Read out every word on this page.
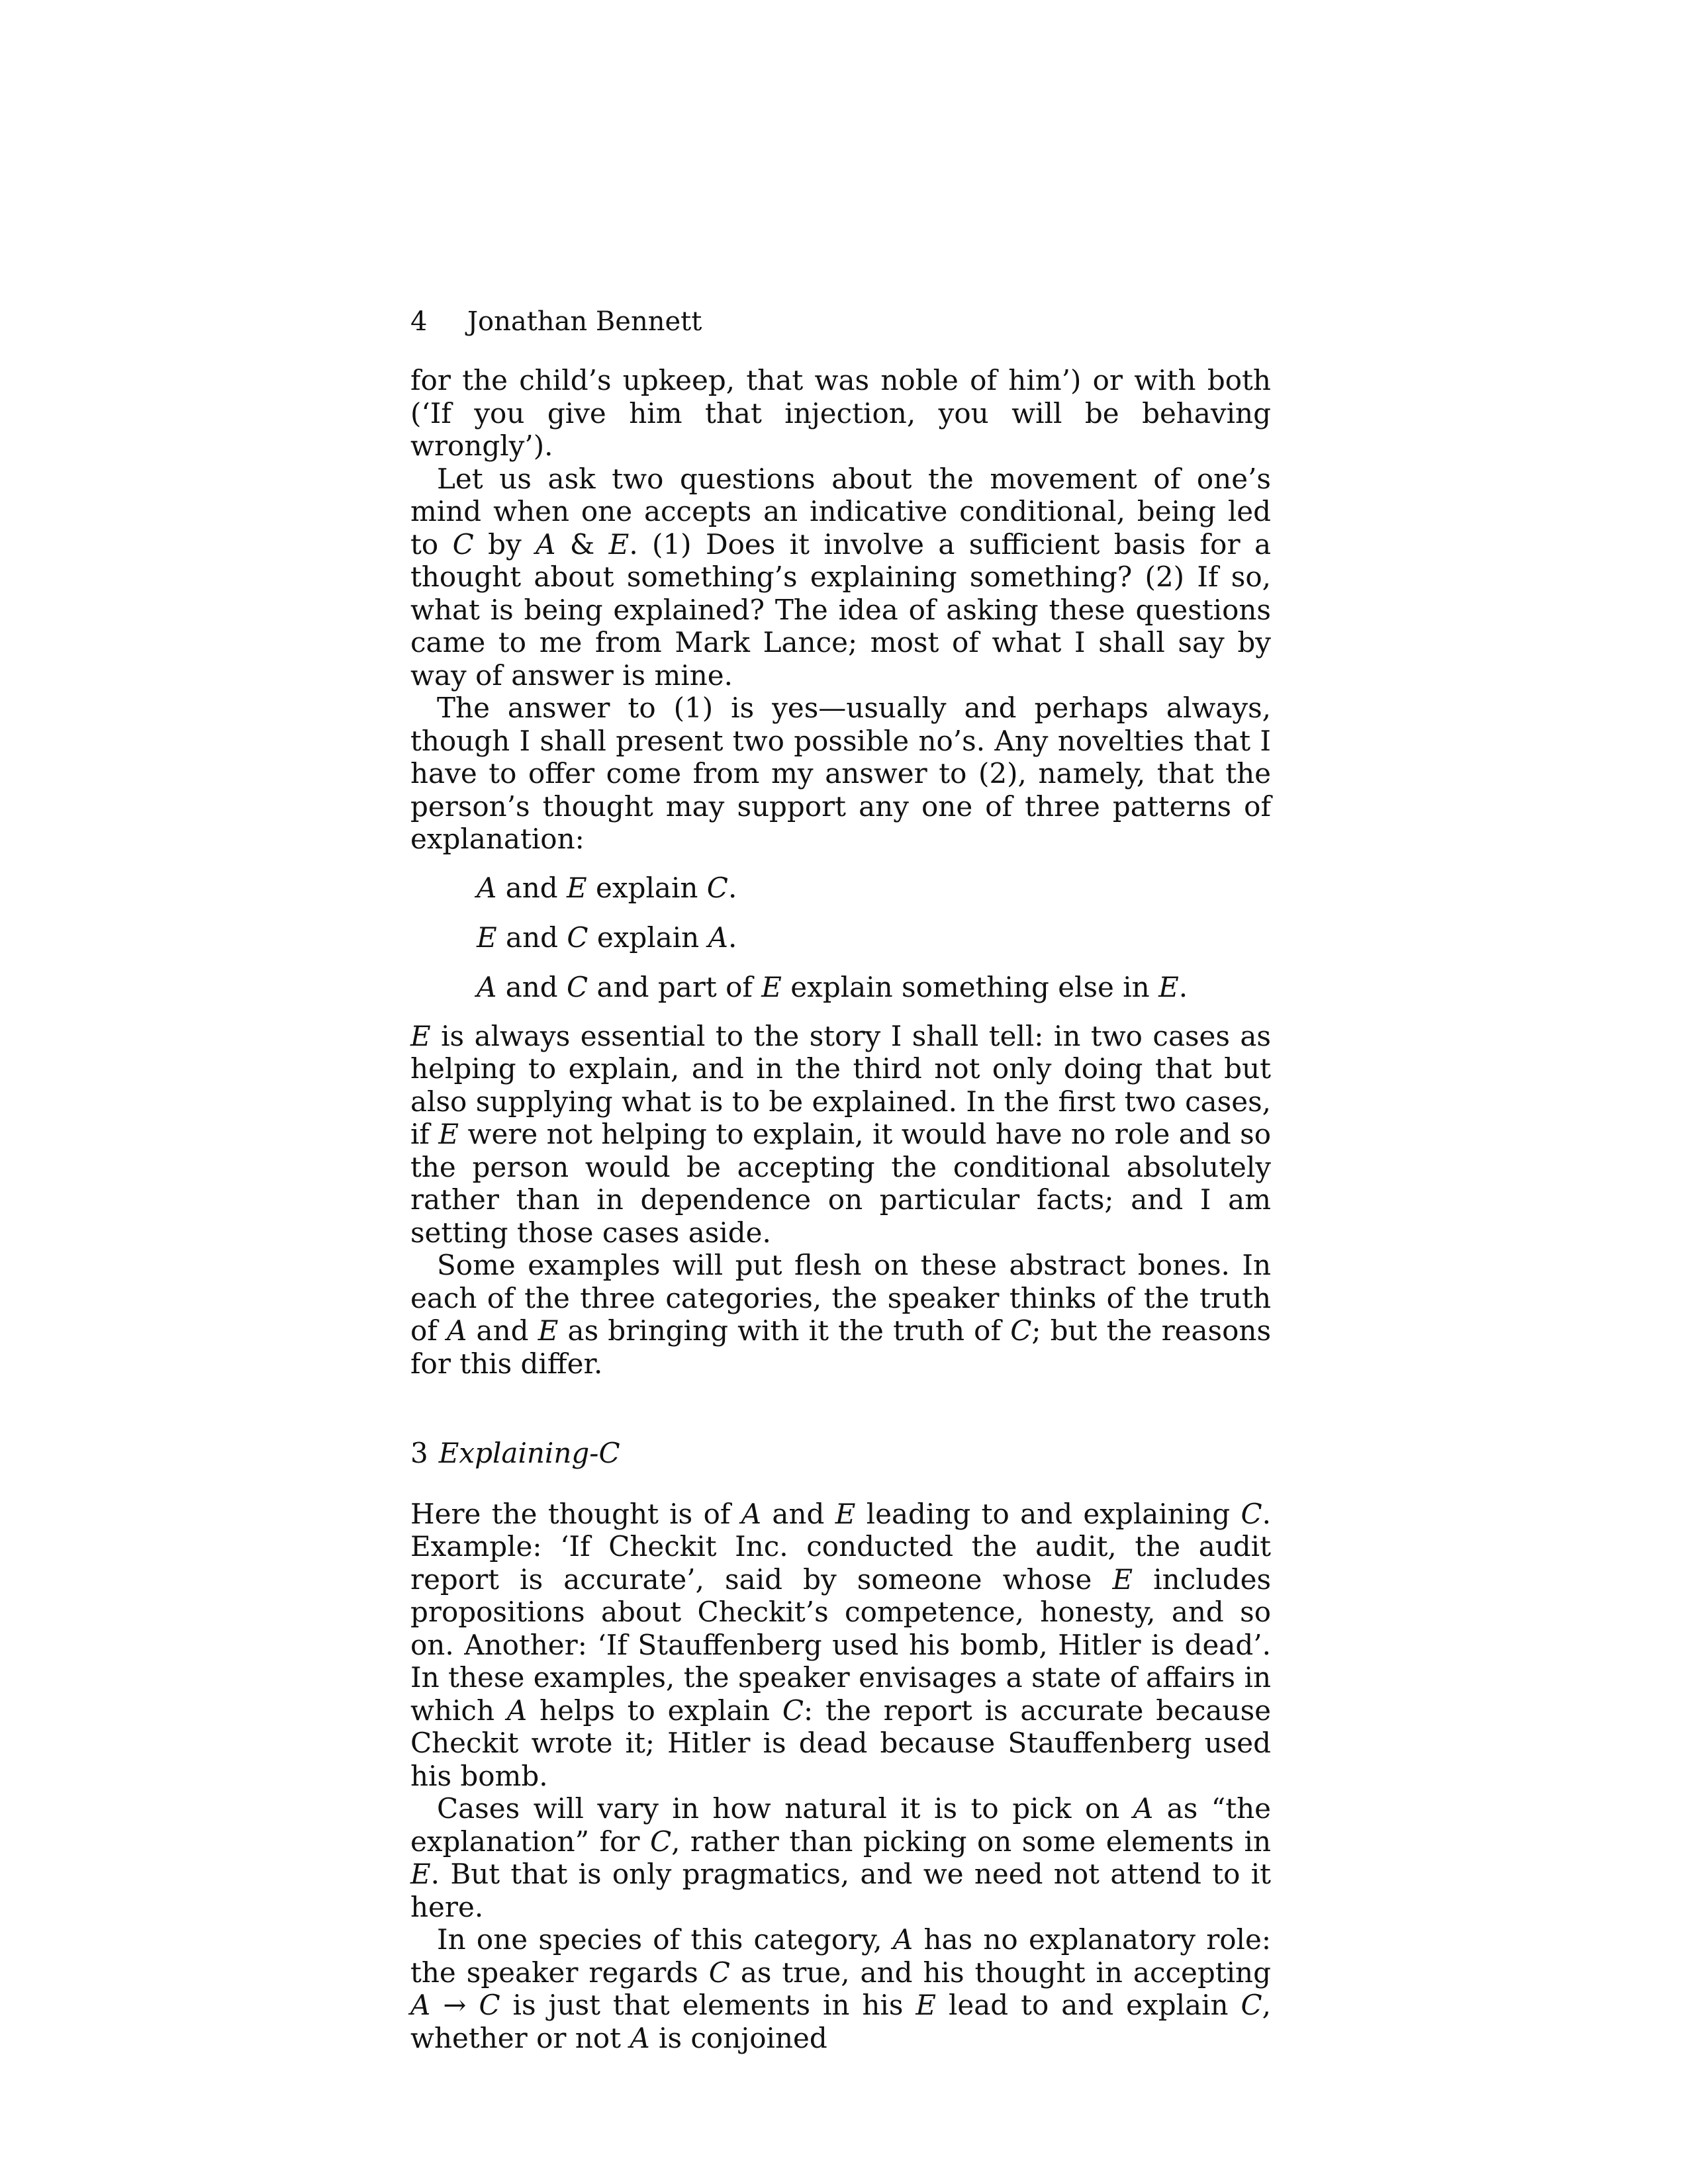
4 Jonathan Bennett

for the child’s upkeep, that was noble of him’) or with both (‘If you give him that injection, you will be behaving wrongly’).

Let us ask two questions about the movement of one’s mind when one accepts an indicative conditional, being led to C by A & E. (1) Does it involve a sufficient basis for a thought about something’s explaining something? (2) If so, what is being explained? The idea of asking these questions came to me from Mark Lance; most of what I shall say by way of answer is mine.

The answer to (1) is yes—usually and perhaps always, though I shall present two possible no’s. Any novelties that I have to offer come from my answer to (2), namely, that the person’s thought may support any one of three patterns of explanation:

A and E explain C.
E and C explain A.
A and C and part of E explain something else in E.

E is always essential to the story I shall tell: in two cases as helping to explain, and in the third not only doing that but also supplying what is to be explained. In the first two cases, if E were not helping to explain, it would have no role and so the person would be accepting the conditional absolutely rather than in dependence on particular facts; and I am setting those cases aside.

Some examples will put flesh on these abstract bones. In each of the three categories, the speaker thinks of the truth of A and E as bringing with it the truth of C; but the reasons for this differ.

3 Explaining-C

Here the thought is of A and E leading to and explaining C. Example: ‘If Checkit Inc. conducted the audit, the audit report is accurate’, said by someone whose E includes propositions about Checkit’s competence, honesty, and so on. Another: ‘If Stauffenberg used his bomb, Hitler is dead’. In these examples, the speaker envisages a state of affairs in which A helps to explain C: the report is accurate because Checkit wrote it; Hitler is dead because Stauffenberg used his bomb.

Cases will vary in how natural it is to pick on A as “the explanation” for C, rather than picking on some elements in E. But that is only pragmatics, and we need not attend to it here.

In one species of this category, A has no explanatory role: the speaker regards C as true, and his thought in accepting A → C is just that elements in his E lead to and explain C, whether or not A is conjoined
